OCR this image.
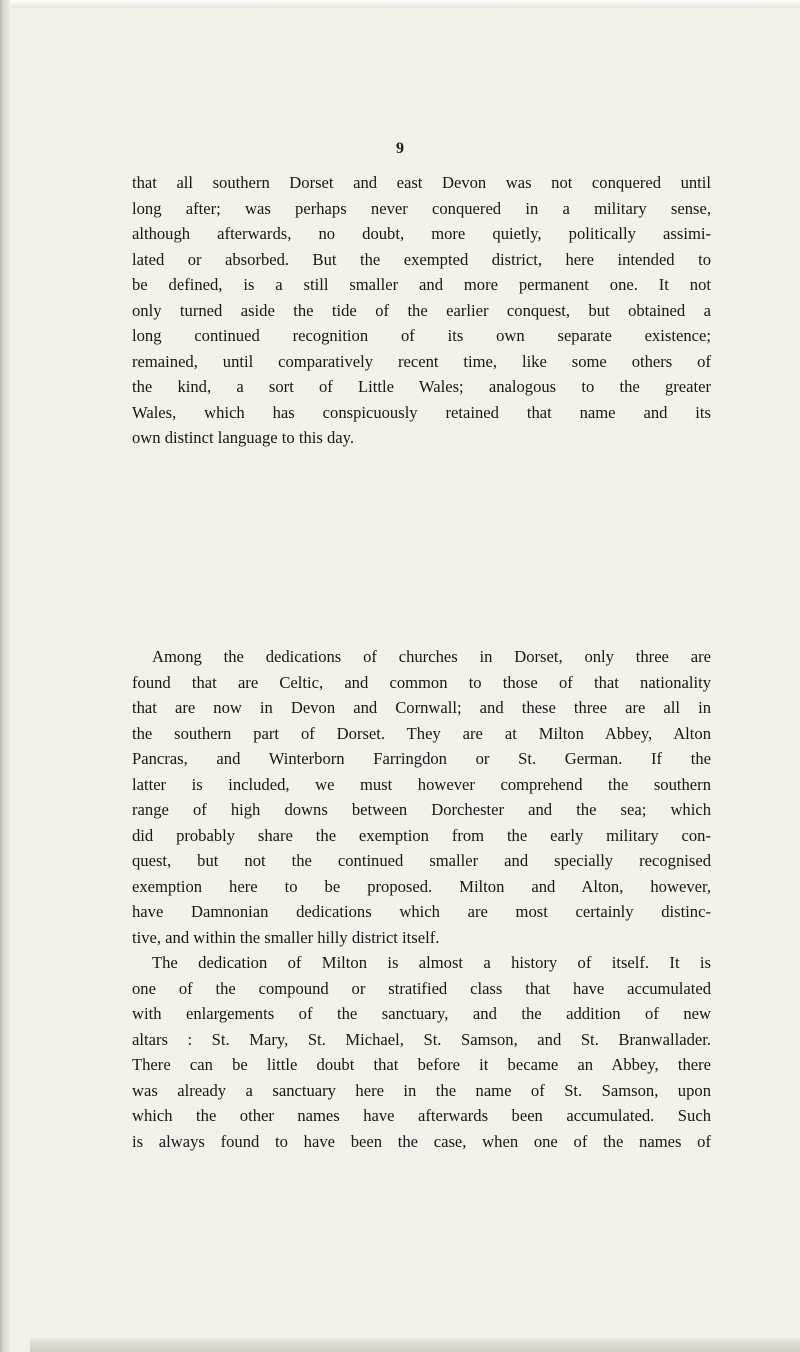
9
that all southern Dorset and east Devon was not conquered until
long after; was perhaps never conquered in a military sense,
although afterwards, no doubt, more quietly, politically assimi-
lated or absorbed. But the exempted district, here intended to
be defined, is a still smaller and more permanent one. It not
only turned aside the tide of the earlier conquest, but obtained a
long continued recognition of its own separate existence;
remained, until comparatively recent time, like some others of
the kind, a sort of Little Wales; analogous to the greater
Wales, which has conspicuously retained that name and its
own distinct language to this day.
Among the dedications of churches in Dorset, only three are
found that are Celtic, and common to those of that nationality
that are now in Devon and Cornwall; and these three are all in
the southern part of Dorset. They are at Milton Abbey, Alton
Pancras, and Winterborn Farringdon or St. German. If the
latter is included, we must however comprehend the southern
range of high downs between Dorchester and the sea; which
did probably share the exemption from the early military con-
quest, but not the continued smaller and specially recognised
exemption here to be proposed. Milton and Alton, however,
have Damnonian dedications which are most certainly distinc-
tive, and within the smaller hilly district itself.
The dedication of Milton is almost a history of itself. It is
one of the compound or stratified class that have accumulated
with enlargements of the sanctuary, and the addition of new
altars : St. Mary, St. Michael, St. Samson, and St. Branwallader.
There can be little doubt that before it became an Abbey, there
was already a sanctuary here in the name of St. Samson, upon
which the other names have afterwards been accumulated. Such
is always found to have been the case, when one of the names of
